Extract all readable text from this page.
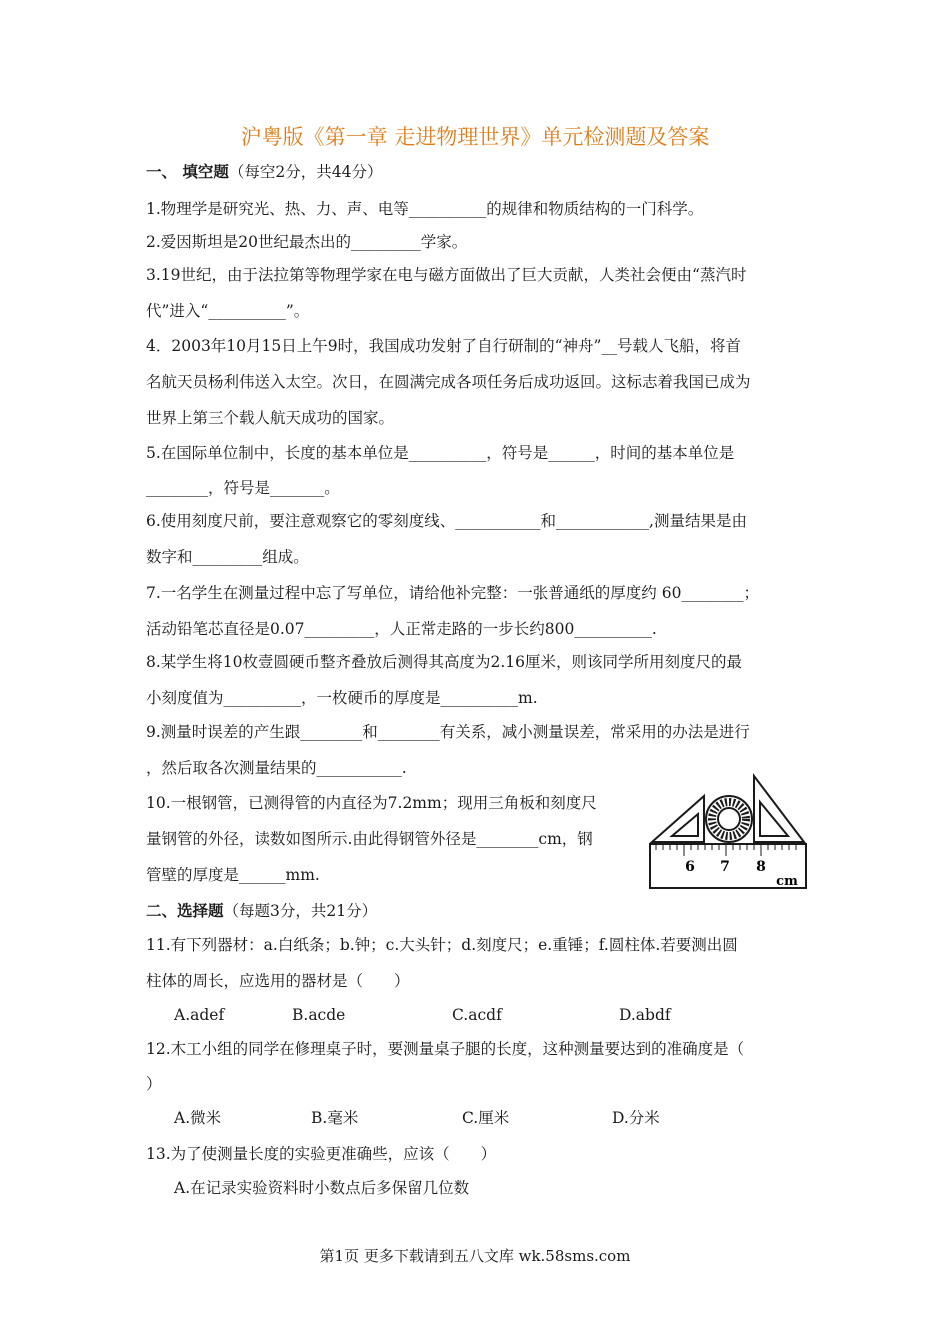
沪粤版《第一章 走进物理世界》单元检测题及答案
一、 填空题（每空2分，共44分）
1.物理学是研究光、热、力、声、电等__________的规律和物质结构的一门科学。
2.爱因斯坦是20世纪最杰出的_________学家。
3.19世纪，由于法拉第等物理学家在电与磁方面做出了巨大贡献，人类社会便由“蒸汽时
代”进入“__________”。
4．2003年10月15日上午9时，我国成功发射了自行研制的“神舟”__号载人飞船，将首
名航天员杨利伟送入太空。次日，在圆满完成各项任务后成功返回。这标志着我国已成为
世界上第三个载人航天成功的国家。
5.在国际单位制中，长度的基本单位是__________，符号是______，时间的基本单位是
________，符号是_______。
6.使用刻度尺前，要注意观察它的零刻度线、___________和____________,测量结果是由
数字和_________组成。
7.一名学生在测量过程中忘了写单位，请给他补完整：一张普通纸的厚度约 60________；
活动铅笔芯直径是0.07_________，人正常走路的一步长约800__________.
8.某学生将10枚壹圆硬币整齐叠放后测得其高度为2.16厘米，则该同学所用刻度尺的最
小刻度值为__________，一枚硬币的厚度是__________m.
9.测量时误差的产生跟________和________有关系，减小测量误差，常采用的办法是进行
，然后取各次测量结果的___________.
10.一根钢管，已测得管的内直径为7.2mm；现用三角板和刻度尺
量钢管的外径，读数如图所示.由此得钢管外径是________cm，钢
管壁的厚度是______mm.	6 7 8
cm
二、选择题（每题3分，共21分）
11.有下列器材：a.白纸条；b.钟；c.大头针；d.刻度尺；e.重锤；f.圆柱体.若要测出圆
柱体的周长，应选用的器材是（　　）
A.adef	B.acde	C.acdf	D.abdf
12.木工小组的同学在修理桌子时，要测量桌子腿的长度，这种测量要达到的准确度是（
）
A.微米	B.毫米	C.厘米	D.分米
13.为了使测量长度的实验更准确些，应该（　　）
A.在记录实验资料时小数点后多保留几位数
第1页 更多下载请到五八文库 wk.58sms.com
